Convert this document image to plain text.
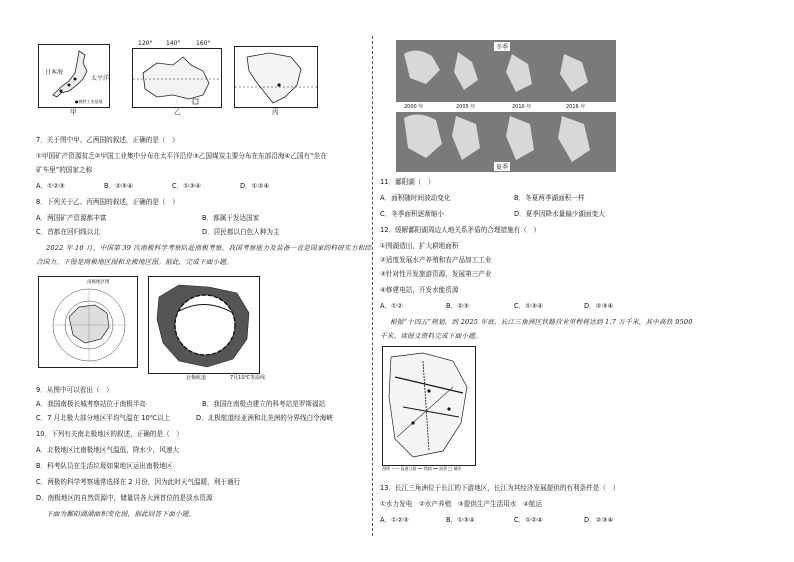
日本海
太平洋
●钢铁工业基地
甲
120° 140°	160°
乙	丙
7．关于图中甲、乙两国的叙述，正确的是（　）
①甲国矿产资源贫乏②甲国工业集中分布在太平洋沿岸③乙国煤炭主要分布在东部沿海④乙国有“坐在
矿车里”的国家之称
A．①②③	B．②③④	C．①③④	D．①②④
8．下列关于乙、丙两国的叙述，正确的是（　）
A．两国矿产资源都丰富	B．都属于发达国家
C．首都在回归线以北	D．居民都以白色人种为主
2022 年 10 月，中国第 39 次南极科学考察队赴南极考察。我国考察能力及装备一直是国家的科研实力和综
合国力。下图是南极地区图和北极地区图。据此，完成下面小题。
南极地区图
北极航道	7月10℃等温线
9．从图中可以看出（　）
A．我国南极长城考察站位于南极半岛	B．我国在南极点建立的科考站是罗斯福站
C．7 月北极大部分地区平均气温在 10℃以上	D．北极航道经亚洲和北美洲的分界线白令海峡
10．下列有关南北极地区的叙述，正确的是（　）
A．北极地区比南极地区气温低，降水少，风速大
B．科考队员在生活垃圾如果地区运出南极地区
C．两极的科学考察通常选择在 2 月份，因为此时天气温暖，利于通行
D．南极地区的自然资源中，储量居各大洲首位的是淡水资源
下面为鄱阳湖湖面积变化图，据此回答下面小题。
冬季
夏季
2000 年	2005 年	2010 年	2016 年
11．鄱阳湖（　）
A．面积随时间波动变化	B．冬夏两季湖面积一样
C．冬季面积逐渐缩小	D．夏季因降水量偏少湖面变大
12．缓解鄱阳湖周边人地关系矛盾的合理措施有（　）
①围湖造田，扩大耕地面积
②适度发展水产养殖和农产品加工工业
③针对性开发旅游资源，发展第三产业
④修建电站，开发水能资源
A．①②	B．②③	C．①③④	D．②③④
根据“十四五”规划，到 2025 年底，长江三角洲区铁路营业里程将达到 1.7 万千米，其中高铁 9500
千米。读图文资料完成下面小题。
图例 —— 高速公路 ┅┅ 铁路 ━━ 高铁 □ 城市
13．长江三角洲位于长江的下游地区，长江为其经济发展提供的有利条件是（　）
①水力发电　②水产养殖　③提供生产生活用水　④航运
A．①②③	B．①③④	C．①②④	D．②③④
